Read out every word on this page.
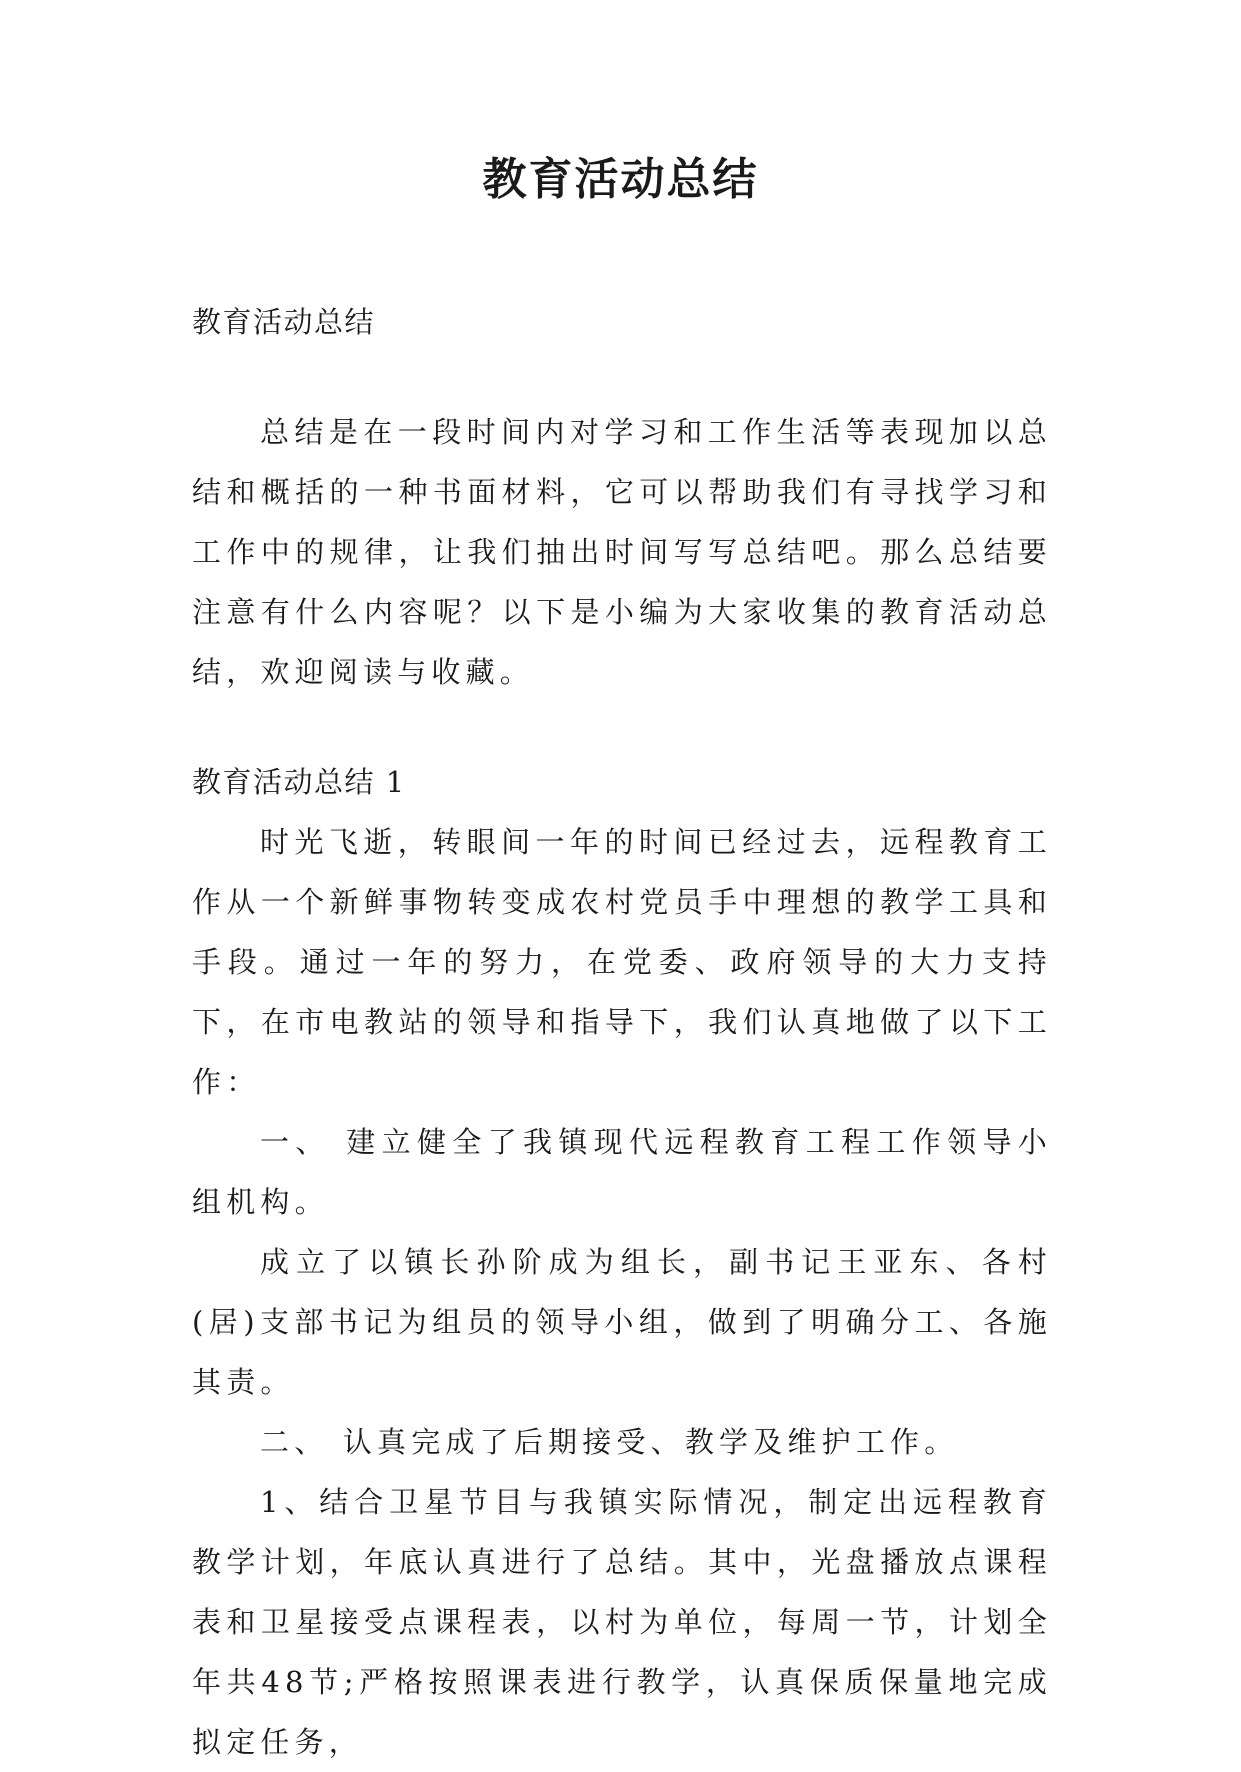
教育活动总结

教育活动总结

总结是在一段时间内对学习和工作生活等表现加以总结和概括的一种书面材料，它可以帮助我们有寻找学习和工作中的规律，让我们抽出时间写写总结吧。那么总结要注意有什么内容呢？以下是小编为大家收集的教育活动总结，欢迎阅读与收藏。

教育活动总结 1

时光飞逝，转眼间一年的时间已经过去，远程教育工作从一个新鲜事物转变成农村党员手中理想的教学工具和手段。通过一年的努力，在党委、政府领导的大力支持下，在市电教站的领导和指导下，我们认真地做了以下工作：

一、 建立健全了我镇现代远程教育工程工作领导小组机构。

成立了以镇长孙阶成为组长，副书记王亚东、各村(居)支部书记为组员的领导小组，做到了明确分工、各施其责。

二、 认真完成了后期接受、教学及维护工作。

1、结合卫星节目与我镇实际情况，制定出远程教育教学计划，年底认真进行了总结。其中，光盘播放点课程表和卫星接受点课程表，以村为单位，每周一节，计划全年共48节;严格按照课表进行教学，认真保质保量地完成拟定任务，
